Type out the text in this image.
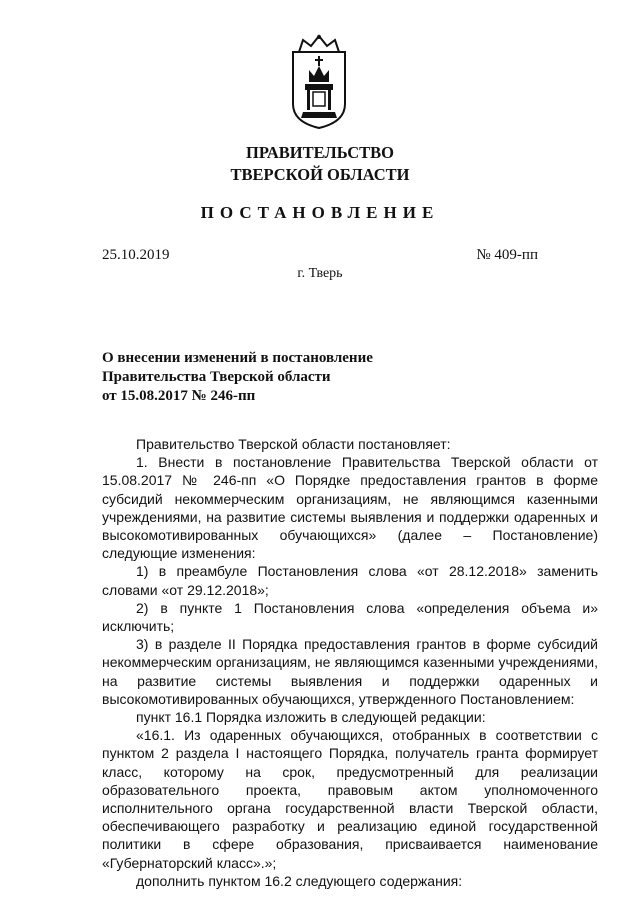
ПРАВИТЕЛЬСТВО
ТВЕРСКОЙ ОБЛАСТИ
ПОСТАНОВЛЕНИЕ
25.10.2019	№ 409-пп
г. Тверь
О внесении изменений в постановление
Правительства Тверской области
от 15.08.2017 № 246-пп

Правительство Тверской области постановляет:

1. Внести в постановление Правительства Тверской области от 15.08.2017 № 246-пп «О Порядке предоставления грантов в форме субсидий некоммерческим организациям, не являющимся казенными учреждениями, на развитие системы выявления и поддержки одаренных и высокомотивированных обучающихся» (далее – Постановление) следующие изменения:

1) в преамбуле Постановления слова «от 28.12.2018» заменить словами «от 29.12.2018»;

2) в пункте 1 Постановления слова «определения объема и» исключить;

3) в разделе II Порядка предоставления грантов в форме субсидий некоммерческим организациям, не являющимся казенными учреждениями, на развитие системы выявления и поддержки одаренных и высокомотивированных обучающихся, утвержденного Постановлением:

пункт 16.1 Порядка изложить в следующей редакции:

«16.1. Из одаренных обучающихся, отобранных в соответствии с пунктом 2 раздела I настоящего Порядка, получатель гранта формирует класс, которому на срок, предусмотренный для реализации образовательного проекта, правовым актом уполномоченного исполнительного органа государственной власти Тверской области, обеспечивающего разработку и реализацию единой государственной политики в сфере образования, присваивается наименование «Губернаторский класс».»;

дополнить пунктом 16.2 следующего содержания:
